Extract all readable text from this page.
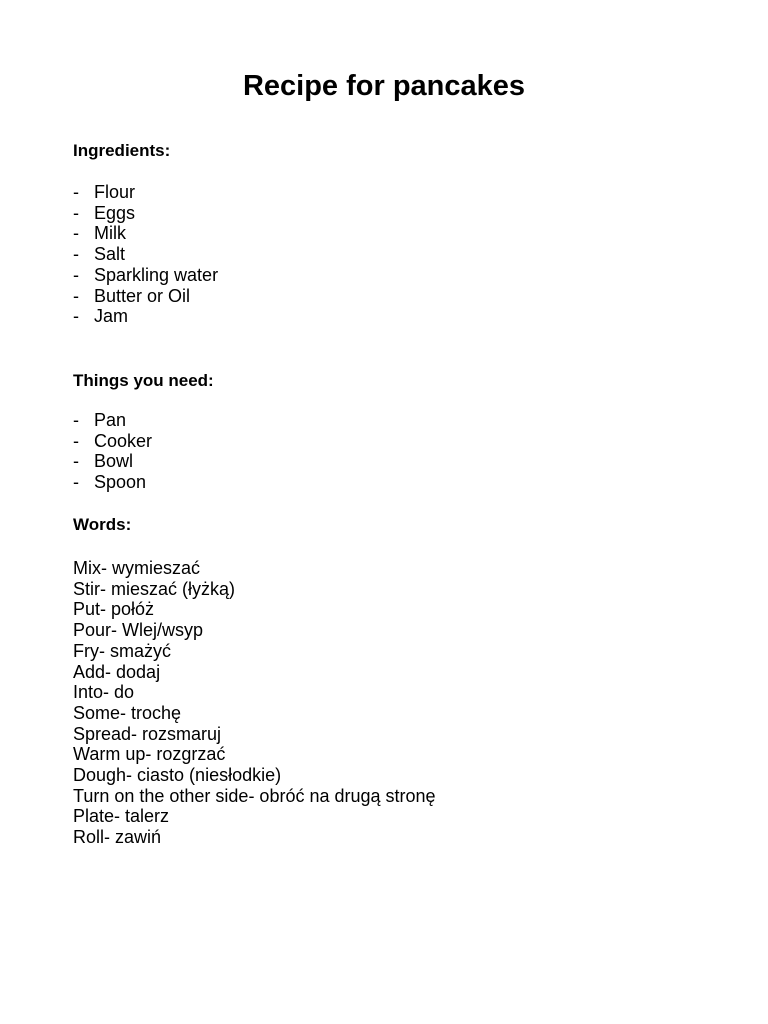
Recipe for pancakes
Ingredients:
- Flour
- Eggs
- Milk
- Salt
- Sparkling water
- Butter or Oil
- Jam
Things you need:
- Pan
- Cooker
- Bowl
- Spoon
Words:
Mix- wymieszać
Stir- mieszać (łyżką)
Put- połóż
Pour- Wlej/wsyp
Fry- smażyć
Add- dodaj
Into- do
Some- trochę
Spread- rozsmaruj
Warm up- rozgrzać
Dough- ciasto (niesłodkie)
Turn on the other side- obróć na drugą stronę
Plate- talerz
Roll- zawiń
